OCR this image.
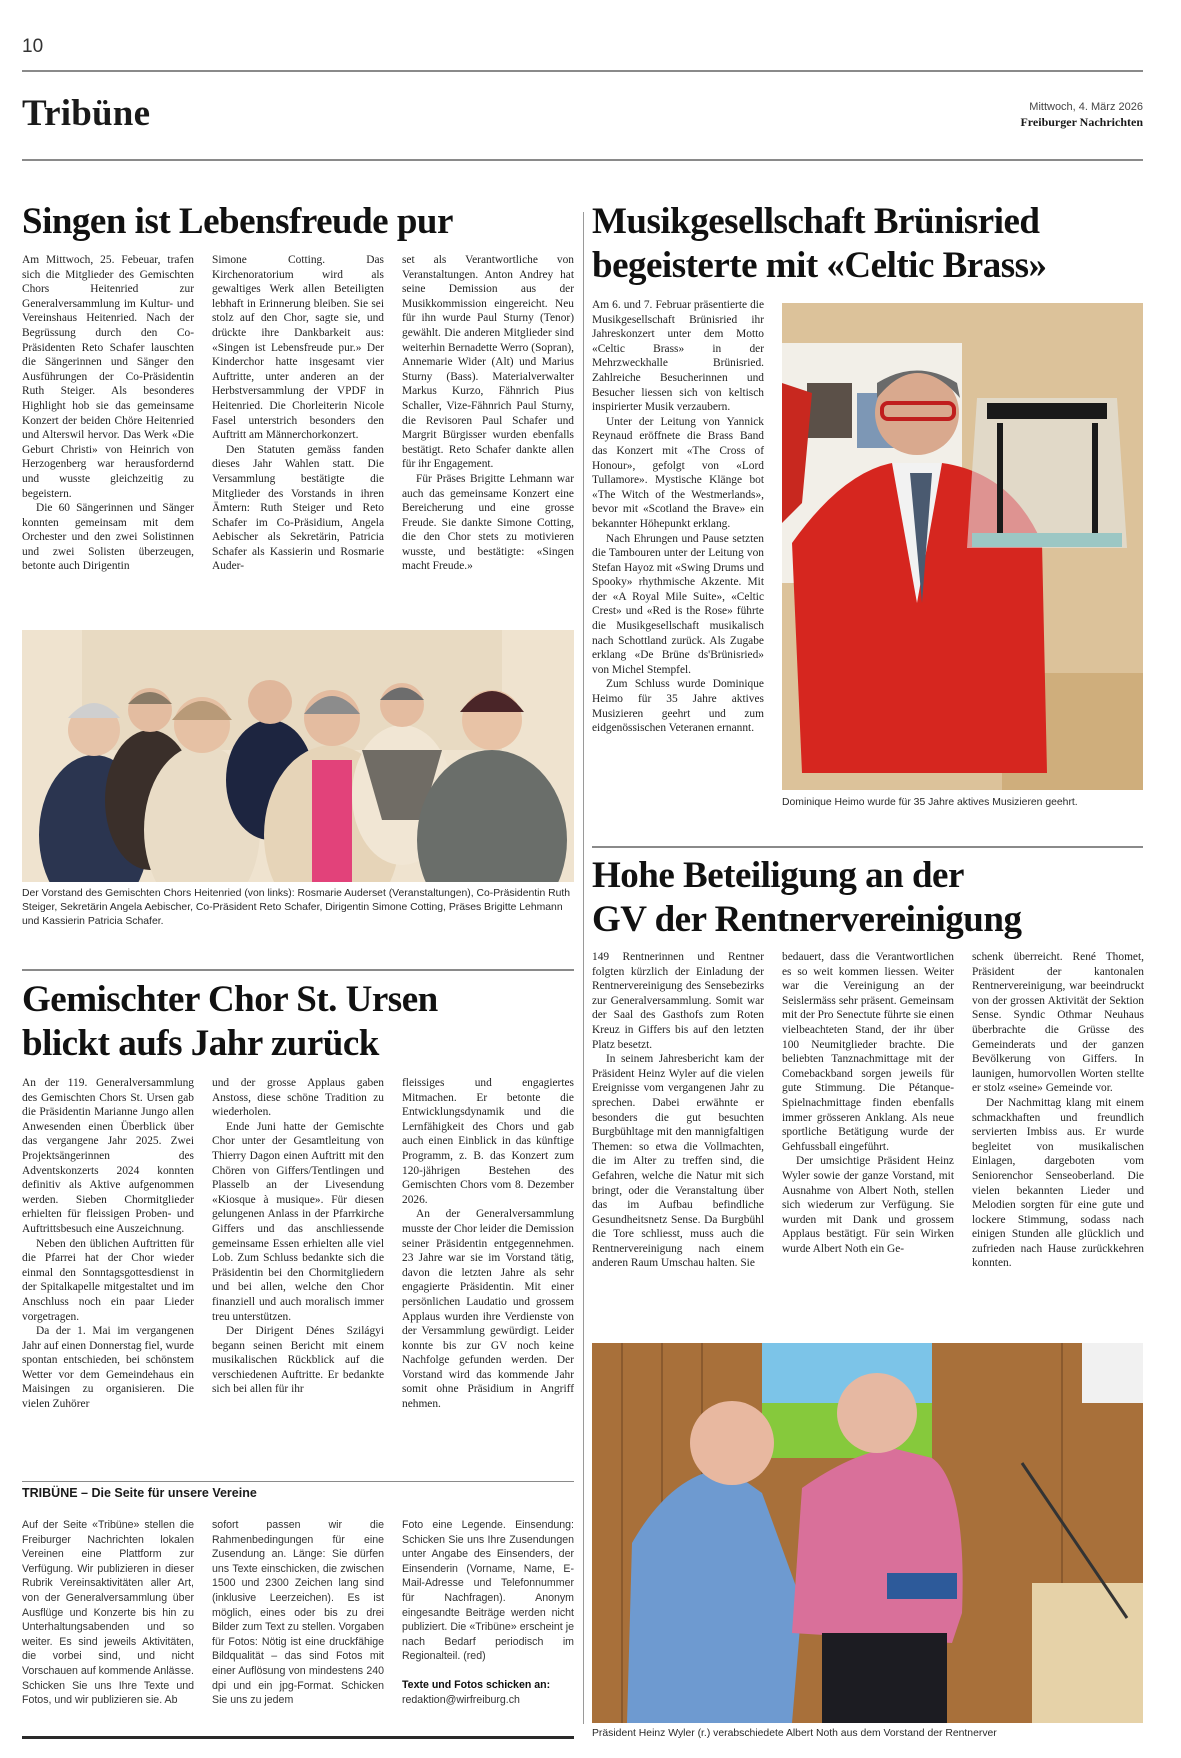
10
Tribüne	Mittwoch, 4. März 2026
Freiburger Nachrichten
Singen ist Lebensfreude pur

Am Mittwoch, 25. Febeuar, trafen sich die Mitglieder des Gemischten Chors Heitenried zur Generalversammlung im Kultur- und Vereinshaus Heitenried. Nach der Begrüssung durch den Co-Präsidenten Reto Schafer lauschten die Sängerinnen und Sänger den Ausführungen der Co-Präsidentin Ruth Steiger. Als besonderes Highlight hob sie das gemeinsame Konzert der beiden Chöre Heitenried und Alterswil hervor. Das Werk «Die Geburt Christi» von Heinrich von Herzogenberg war herausfordernd und wusste gleichzeitig zu begeistern.

Die 60 Sängerinnen und Sänger konnten gemeinsam mit dem Orchester und den zwei Solistinnen und zwei Solisten überzeugen, betonte auch Dirigentin

Simone Cotting. Das Kirchenoratorium wird als gewaltiges Werk allen Beteiligten lebhaft in Erinnerung bleiben. Sie sei stolz auf den Chor, sagte sie, und drückte ihre Dankbarkeit aus: «Singen ist Lebensfreude pur.» Der Kinderchor hatte insgesamt vier Auftritte, unter anderen an der Herbstversammlung der VPDF in Heitenried. Die Chorleiterin Nicole Fasel unterstrich besonders den Auftritt am Männerchorkonzert.

Den Statuten gemäss fanden dieses Jahr Wahlen statt. Die Versammlung bestätigte die Mitglieder des Vorstands in ihren Ämtern: Ruth Steiger und Reto Schafer im Co-Präsidium, Angela Aebischer als Sekretärin, Patricia Schafer als Kassierin und Rosmarie Auder-

set als Verantwortliche von Veranstaltungen. Anton Andrey hat seine Demission aus der Musikkommission eingereicht. Neu für ihn wurde Paul Sturny (Tenor) gewählt. Die anderen Mitglieder sind weiterhin Bernadette Werro (Sopran), Annemarie Wider (Alt) und Marius Sturny (Bass). Materialverwalter Markus Kurzo, Fähnrich Pius Schaller, Vize-Fähnrich Paul Sturny, die Revisoren Paul Schafer und Margrit Bürgisser wurden ebenfalls bestätigt. Reto Schafer dankte allen für ihr Engagement.

Für Präses Brigitte Lehmann war auch das gemeinsame Konzert eine Bereicherung und eine grosse Freude. Sie dankte Simone Cotting, die den Chor stets zu motivieren wusste, und bestätigte: «Singen macht Freude.»

Der Vorstand des Gemischten Chors Heitenried (von links): Rosmarie Auderset (Veranstaltungen), Co-Präsidentin Ruth Steiger, Sekretärin Angela Aebischer, Co-Präsident Reto Schafer, Dirigentin Simone Cotting, Präses Brigitte Lehmann und Kassierin Patricia Schafer.
Gemischter Chor St. Ursen
blickt aufs Jahr zurück

An der 119. Generalversammlung des Gemischten Chors St. Ursen gab die Präsidentin Marianne Jungo allen Anwesenden einen Überblick über das vergangene Jahr 2025. Zwei Projektsängerinnen des Adventskonzerts 2024 konnten definitiv als Aktive aufgenommen werden. Sieben Chormitglieder erhielten für fleissigen Proben- und Auftrittsbesuch eine Auszeichnung.

Neben den üblichen Auftritten für die Pfarrei hat der Chor wieder einmal den Sonntagsgottesdienst in der Spitalkapelle mitgestaltet und im Anschluss noch ein paar Lieder vorgetragen.

Da der 1. Mai im vergangenen Jahr auf einen Donnerstag fiel, wurde spontan entschieden, bei schönstem Wetter vor dem Gemeindehaus ein Maisingen zu organisieren. Die vielen Zuhörer

und der grosse Applaus gaben Anstoss, diese schöne Tradition zu wiederholen.

Ende Juni hatte der Gemischte Chor unter der Gesamtleitung von Thierry Dagon einen Auftritt mit den Chören von Giffers/Tentlingen und Plasselb an der Livesendung «Kiosque à musique». Für diesen gelungenen Anlass in der Pfarrkirche Giffers und das anschliessende gemeinsame Essen erhielten alle viel Lob. Zum Schluss bedankte sich die Präsidentin bei den Chormitgliedern und bei allen, welche den Chor finanziell und auch moralisch immer treu unterstützen.

Der Dirigent Dénes Szilágyi begann seinen Bericht mit einem musikalischen Rückblick auf die verschiedenen Auftritte. Er bedankte sich bei allen für ihr

fleissiges und engagiertes Mitmachen. Er betonte die Entwicklungsdynamik und die Lernfähigkeit des Chors und gab auch einen Einblick in das künftige Programm, z. B. das Konzert zum 120-jährigen Bestehen des Gemischten Chors vom 8. Dezember 2026.

An der Generalversammlung musste der Chor leider die Demission seiner Präsidentin entgegennehmen. 23 Jahre war sie im Vorstand tätig, davon die letzten Jahre als sehr engagierte Präsidentin. Mit einer persönlichen Laudatio und grossem Applaus wurden ihre Verdienste von der Versammlung gewürdigt. Leider konnte bis zur GV noch keine Nachfolge gefunden werden. Der Vorstand wird das kommende Jahr somit ohne Präsidium in Angriff nehmen.

TRIBÜNE – Die Seite für unsere Vereine

Auf der Seite «Tribüne» stellen die Freiburger Nachrichten lokalen Vereinen eine Plattform zur Verfügung. Wir publizieren in dieser Rubrik Vereinsaktivitäten aller Art, von der Generalversammlung über Ausflüge und Konzerte bis hin zu Unterhaltungsabenden und so weiter. Es sind jeweils Aktivitäten, die vorbei sind, und nicht Vorschauen auf kommende Anlässe. Schicken Sie uns Ihre Texte und Fotos, und wir publizieren sie. Ab

sofort passen wir die Rahmenbedingungen für eine Zusendung an. Länge: Sie dürfen uns Texte einschicken, die zwischen 1500 und 2300 Zeichen lang sind (inklusive Leerzeichen). Es ist möglich, eines oder bis zu drei Bilder zum Text zu stellen. Vorgaben für Fotos: Nötig ist eine druckfähige Bildqualität – das sind Fotos mit einer Auflösung von mindestens 240 dpi und ein jpg-Format. Schicken Sie uns zu jedem

Foto eine Legende. Einsendung: Schicken Sie uns Ihre Zusendungen unter Angabe des Einsenders, der Einsenderin (Vorname, Name, E-Mail-Adresse und Telefonnummer für Nachfragen). Anonym eingesandte Beiträge werden nicht publiziert. Die «Tribüne» erscheint je nach Bedarf periodisch im Regionalteil. (red)

Texte und Fotos schicken an:
redaktion@wirfreiburg.ch

Musikgesellschaft Brünisried
begeisterte mit «Celtic Brass»

Am 6. und 7. Februar präsentierte die Musikgesellschaft Brünisried ihr Jahreskonzert unter dem Motto «Celtic Brass» in der Mehrzweckhalle Brünisried. Zahlreiche Besucherinnen und Besucher liessen sich von keltisch inspirierter Musik verzaubern.

Unter der Leitung von Yannick Reynaud eröffnete die Brass Band das Konzert mit «The Cross of Honour», gefolgt von «Lord Tullamore». Mystische Klänge bot «The Witch of the Westmerlands», bevor mit «Scotland the Brave» ein bekannter Höhepunkt erklang.

Nach Ehrungen und Pause setzten die Tambouren unter der Leitung von Stefan Hayoz mit «Swing Drums und Spooky» rhythmische Akzente. Mit der «A Royal Mile Suite», «Celtic Crest» und «Red is the Rose» führte die Musikgesellschaft musikalisch nach Schottland zurück. Als Zugabe erklang «De Brüne ds'Brünisried» von Michel Stempfel.

Zum Schluss wurde Dominique Heimo für 35 Jahre aktives Musizieren geehrt und zum eidgenössischen Veteranen ernannt.

Dominique Heimo wurde für 35 Jahre aktives Musizieren geehrt.
Hohe Beteiligung an der
GV der Rentnervereinigung

149 Rentnerinnen und Rentner folgten kürzlich der Einladung der Rentnervereinigung des Sensebezirks zur Generalversammlung. Somit war der Saal des Gasthofs zum Roten Kreuz in Giffers bis auf den letzten Platz besetzt.

In seinem Jahresbericht kam der Präsident Heinz Wyler auf die vielen Ereignisse vom vergangenen Jahr zu sprechen. Dabei erwähnte er besonders die gut besuchten Burgbühltage mit den mannigfaltigen Themen: so etwa die Vollmachten, die im Alter zu treffen sind, die Gefahren, welche die Natur mit sich bringt, oder die Veranstaltung über das im Aufbau befindliche Gesundheitsnetz Sense. Da Burgbühl die Tore schliesst, muss auch die Rentnervereinigung nach einem anderen Raum Umschau halten. Sie

bedauert, dass die Verantwortlichen es so weit kommen liessen. Weiter war die Vereinigung an der Seislermäss sehr präsent. Gemeinsam mit der Pro Senectute führte sie einen vielbeachteten Stand, der ihr über 100 Neumitglieder brachte. Die beliebten Tanznachmittage mit der Comebackband sorgen jeweils für gute Stimmung. Die Pétanque-Spielnachmittage finden ebenfalls immer grösseren Anklang. Als neue sportliche Betätigung wurde der Gehfussball eingeführt.

Der umsichtige Präsident Heinz Wyler sowie der ganze Vorstand, mit Ausnahme von Albert Noth, stellen sich wiederum zur Verfügung. Sie wurden mit Dank und grossem Applaus bestätigt. Für sein Wirken wurde Albert Noth ein Ge-

schenk überreicht. René Thomet, Präsident der kantonalen Rentnervereinigung, war beeindruckt von der grossen Aktivität der Sektion Sense. Syndic Othmar Neuhaus überbrachte die Grüsse des Gemeinderats und der ganzen Bevölkerung von Giffers. In launigen, humorvollen Worten stellte er stolz «seine» Gemeinde vor.

Der Nachmittag klang mit einem schmackhaften und freundlich servierten Imbiss aus. Er wurde begleitet von musikalischen Einlagen, dargeboten vom Seniorenchor Senseoberland. Die vielen bekannten Lieder und Melodien sorgten für eine gute und lockere Stimmung, sodass nach einigen Stunden alle glücklich und zufrieden nach Hause zurückkehren konnten.

Präsident Heinz Wyler (r.) verabschiedete Albert Noth aus dem Vorstand der Rentnerver
